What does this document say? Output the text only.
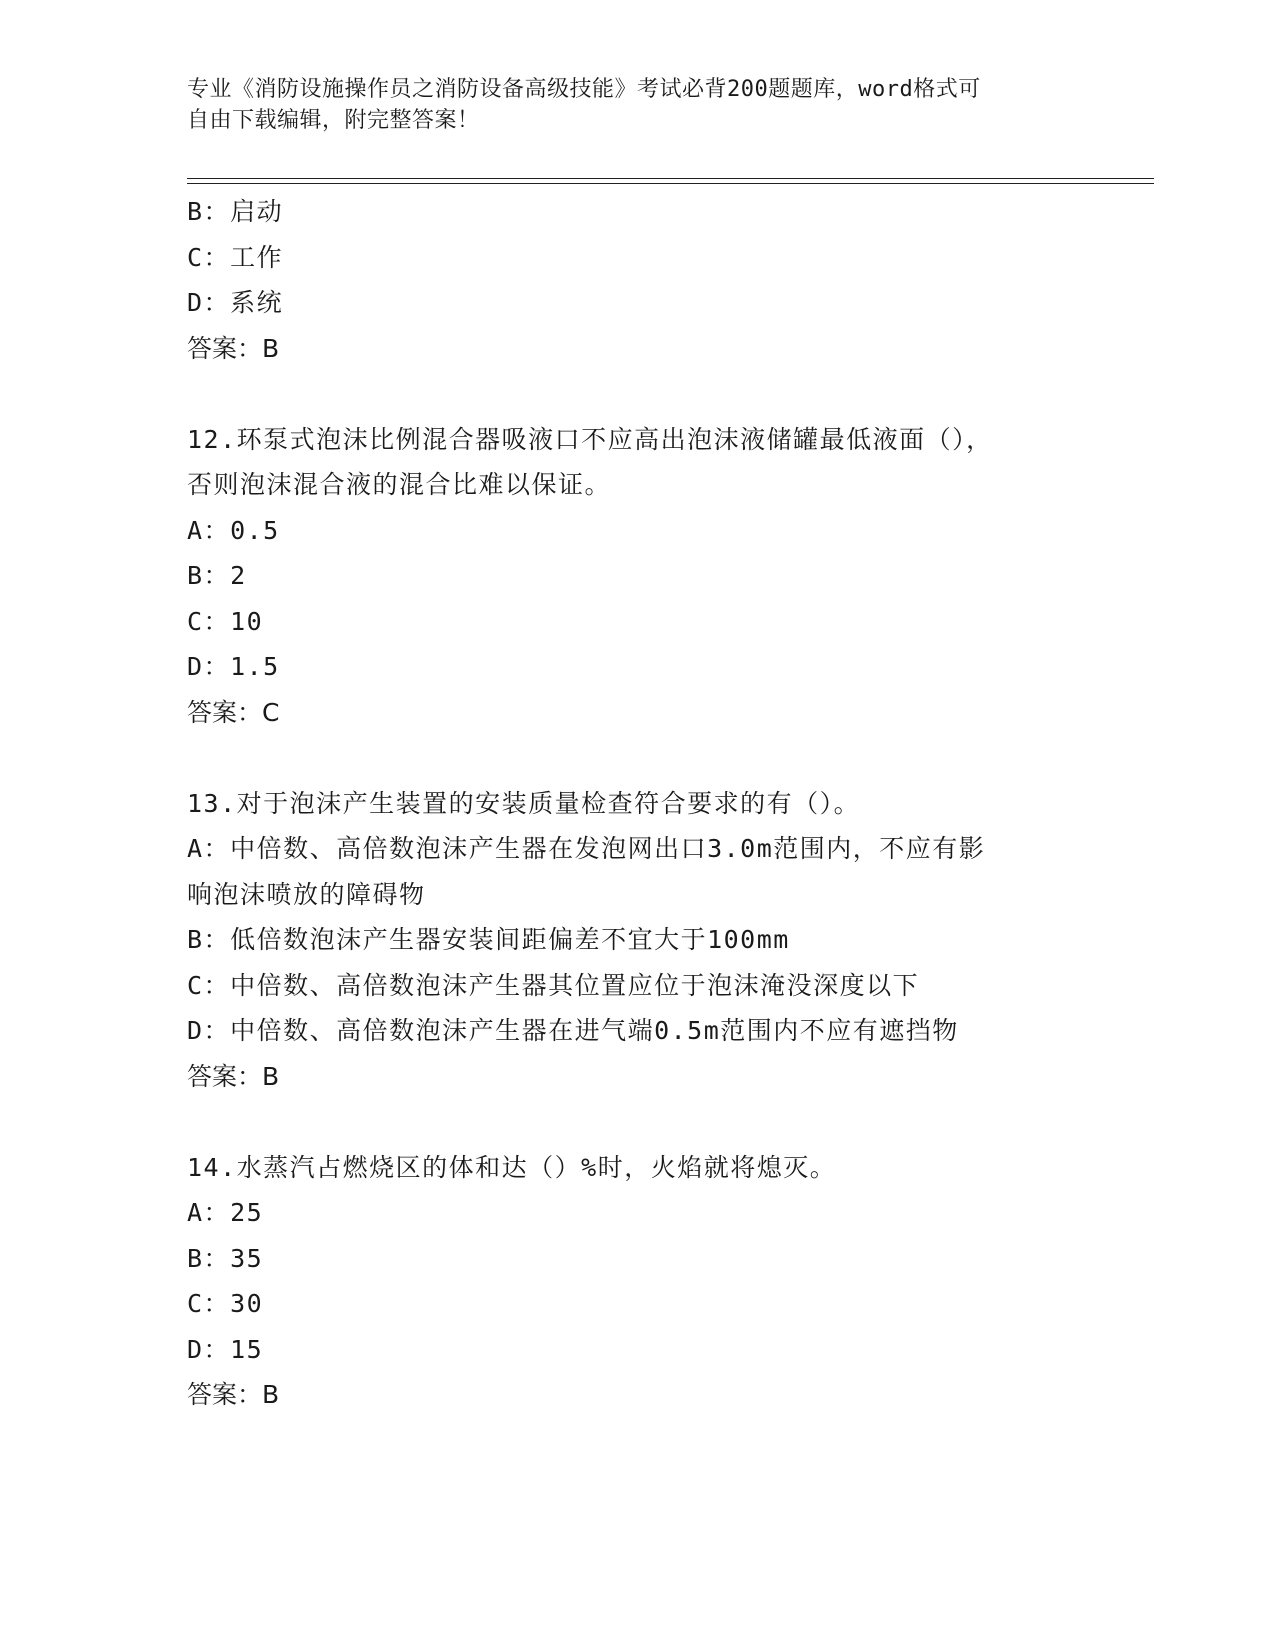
专业《消防设施操作员之消防设备高级技能》考试必背200题题库，word格式可
自由下载编辑，附完整答案！
B：启动
C：工作
D：系统
答案：B
12.环泵式泡沫比例混合器吸液口不应高出泡沫液储罐最低液面（），
否则泡沫混合液的混合比难以保证。
A：0.5
B：2
C：10
D：1.5
答案：C
13.对于泡沫产生装置的安装质量检查符合要求的有（）。
A：中倍数、高倍数泡沫产生器在发泡网出口3.0m范围内，不应有影
响泡沫喷放的障碍物
B：低倍数泡沫产生器安装间距偏差不宜大于100mm
C：中倍数、高倍数泡沫产生器其位置应位于泡沫淹没深度以下
D：中倍数、高倍数泡沫产生器在进气端0.5m范围内不应有遮挡物
答案：B
14.水蒸汽占燃烧区的体和达（）%时，火焰就将熄灭。
A：25
B：35
C：30
D：15
答案：B
